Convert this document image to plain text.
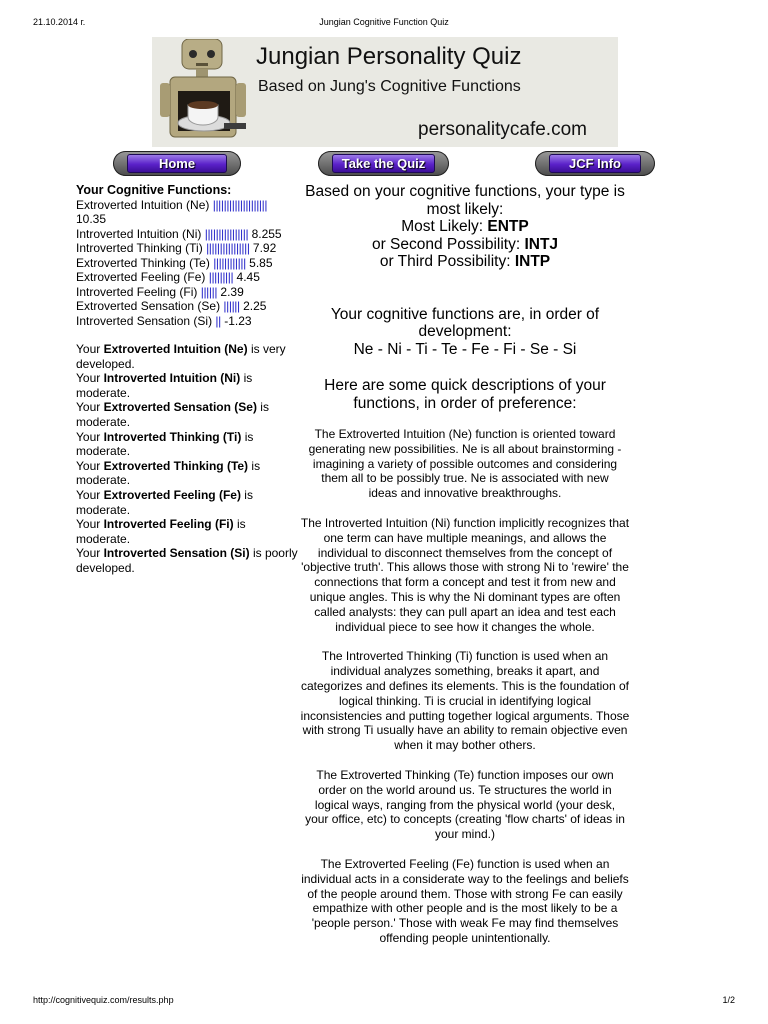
21.10.2014 г.	Jungian Cognitive Function Quiz
Jungian Personality Quiz
Based on Jung's Cognitive Functions
personalitycafe.com
Home	Take the Quiz	JCF Info
Your Cognitive Functions:
Extroverted Intuition (Ne) |||||||||||||||||||| 10.35
Introverted Intuition (Ni) |||||||||||||||| 8.255
Introverted Thinking (Ti) |||||||||||||||| 7.92
Extroverted Thinking (Te) |||||||||||| 5.85
Extroverted Feeling (Fe) ||||||||| 4.45
Introverted Feeling (Fi) |||||| 2.39
Extroverted Sensation (Se) |||||| 2.25
Introverted Sensation (Si) || -1.23
Your Extroverted Intuition (Ne) is very developed.
Your Introverted Intuition (Ni) is moderate.
Your Extroverted Sensation (Se) is moderate.
Your Introverted Thinking (Ti) is moderate.
Your Extroverted Thinking (Te) is moderate.
Your Extroverted Feeling (Fe) is moderate.
Your Introverted Feeling (Fi) is moderate.
Your Introverted Sensation (Si) is poorly developed.

Based on your cognitive functions, your type is most likely:

Most Likely: ENTP

or Second Possibility: INTJ

or Third Possibility: INTP

Your cognitive functions are, in order of development:

Ne - Ni - Ti - Te - Fe - Fi - Se - Si

Here are some quick descriptions of your functions, in order of preference:

The Extroverted Intuition (Ne) function is oriented toward generating new possibilities. Ne is all about brainstorming - imagining a variety of possible outcomes and considering them all to be possibly true. Ne is associated with new ideas and innovative breakthroughs.

The Introverted Intuition (Ni) function implicitly recognizes that one term can have multiple meanings, and allows the individual to disconnect themselves from the concept of 'objective truth'. This allows those with strong Ni to 'rewire' the connections that form a concept and test it from new and unique angles. This is why the Ni dominant types are often called analysts: they can pull apart an idea and test each individual piece to see how it changes the whole.

The Introverted Thinking (Ti) function is used when an individual analyzes something, breaks it apart, and categorizes and defines its elements. This is the foundation of logical thinking. Ti is crucial in identifying logical inconsistencies and putting together logical arguments. Those with strong Ti usually have an ability to remain objective even when it may bother others.

The Extroverted Thinking (Te) function imposes our own order on the world around us. Te structures the world in logical ways, ranging from the physical world (your desk, your office, etc) to concepts (creating 'flow charts' of ideas in your mind.)

The Extroverted Feeling (Fe) function is used when an individual acts in a considerate way to the feelings and beliefs of the people around them. Those with strong Fe can easily empathize with other people and is the most likely to be a 'people person.' Those with weak Fe may find themselves offending people unintentionally.

http://cognitivequiz.com/results.php	1/2
